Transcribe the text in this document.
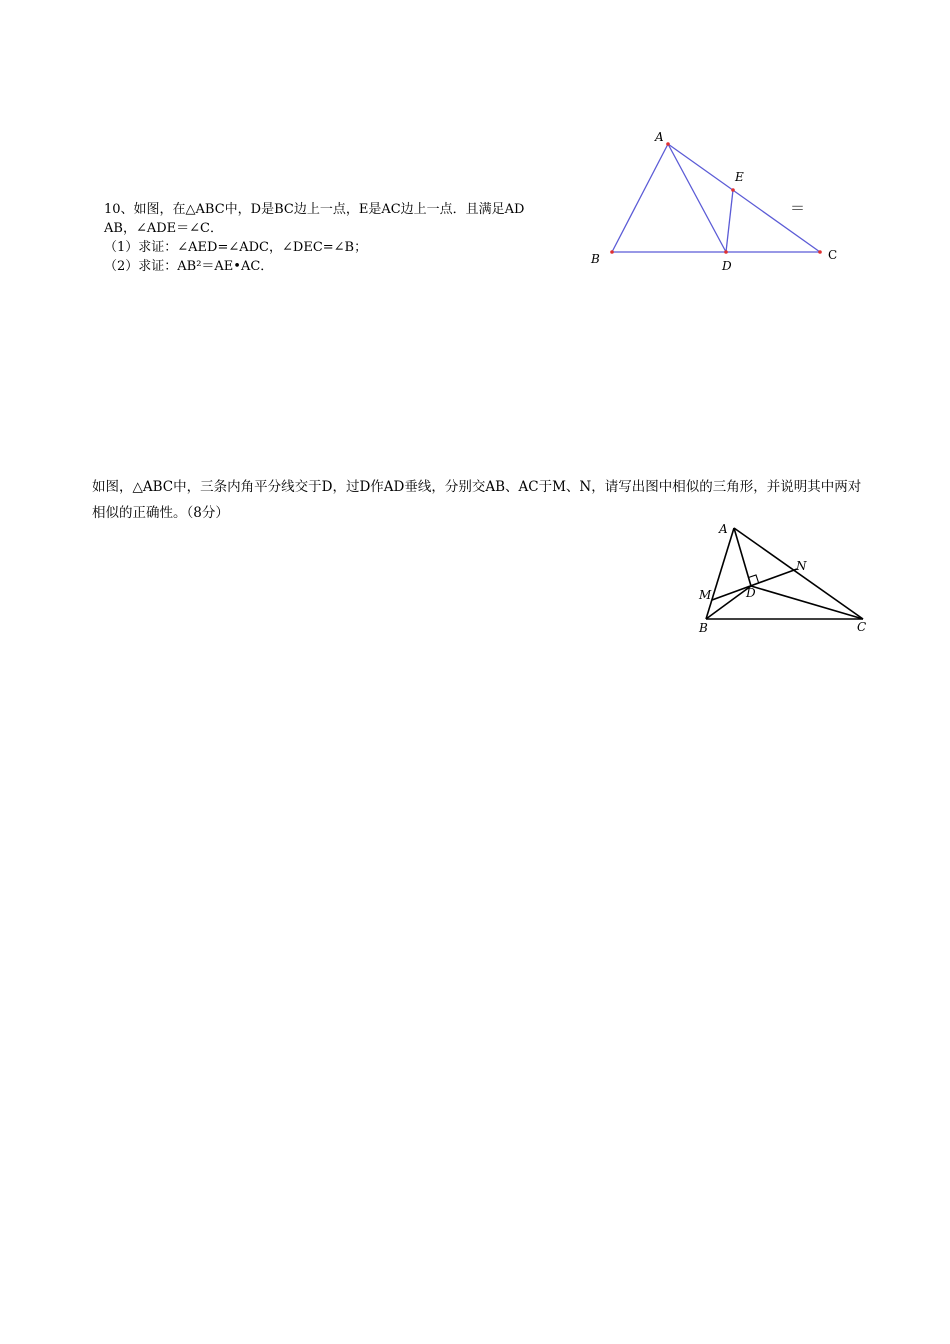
10、如图，在△ABC中，D是BC边上一点，E是AC边上一点．且满足AD
AB，∠ADE＝∠C．
（1）求证：∠AED=∠ADC，∠DEC=∠B；
（2）求证：AB²＝AE•AC．
＝
A
B	C
D
E
如图，△ABC中，三条内角平分线交于D，过D作AD垂线，分别交AB、AC于M、N，请写出图中相似的三角形，并说明其中两对相似的正确性。（8分）
A
B	C
D
M
N
